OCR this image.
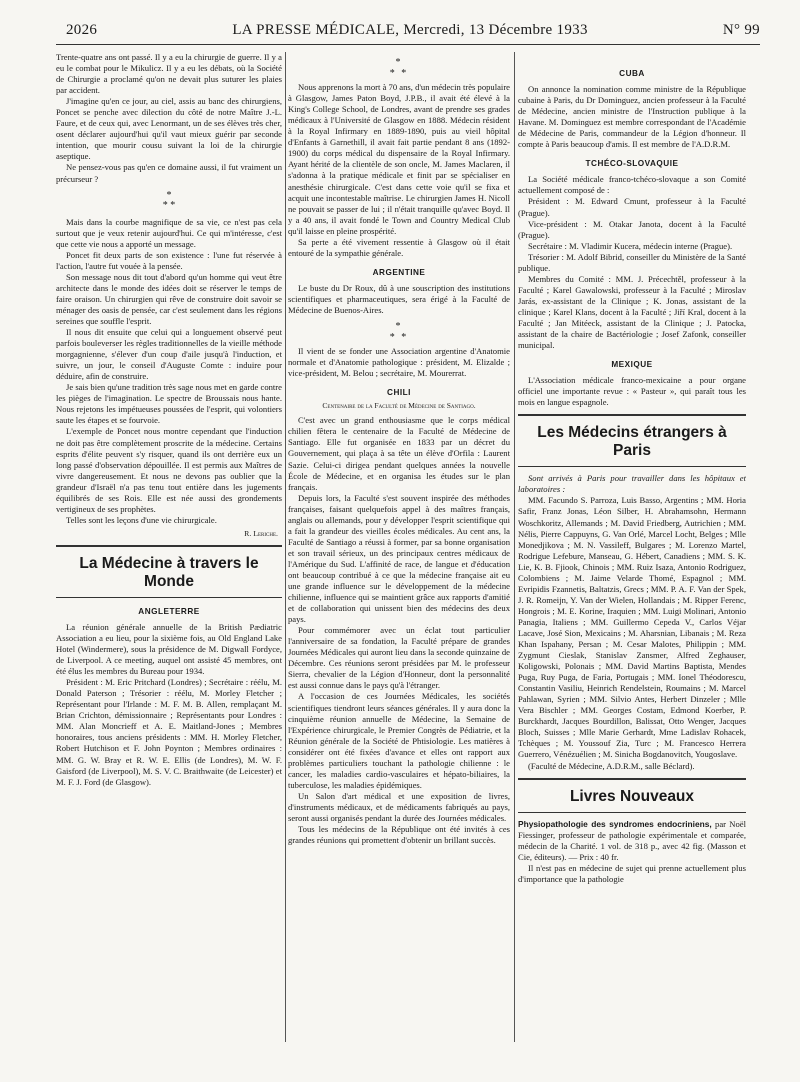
2026	LA PRESSE MÉDICALE, Mercredi, 13 Décembre 1933	N° 99

Trente-quatre ans ont passé. Il y a eu la chirurgie de guerre. Il y a eu le combat pour le Mikulicz. Il y a eu les débats, où la Société de Chirurgie a proclamé qu'on ne devait plus suturer les plaies par accident.

J'imagine qu'en ce jour, au ciel, assis au banc des chirurgiens, Poncet se penche avec dilection du côté de notre Maître J.-L. Faure, et de ceux qui, avec Lenormant, un de ses élèves très cher, osent déclarer aujourd'hui qu'il vaut mieux guérir par seconde intention, que mourir cousu suivant la loi de la chirurgie aseptique.

Ne pensez-vous pas qu'en ce domaine aussi, il fut vraiment un précurseur ?

*
* *

Mais dans la courbe magnifique de sa vie, ce n'est pas cela surtout que je veux retenir aujourd'hui. Ce qui m'intéresse, c'est que cette vie nous a apporté un message.

Poncet fit deux parts de son existence : l'une fut réservée à l'action, l'autre fut vouée à la pensée.

Son message nous dit tout d'abord qu'un homme qui veut être architecte dans le monde des idées doit se réserver le temps de faire oraison. Un chirurgien qui rêve de construire doit savoir se ménager des oasis de pensée, car c'est seulement dans les régions sereines que souffle l'esprit.

Il nous dit ensuite que celui qui a longuement observé peut parfois bouleverser les règles traditionnelles de la vieille méthode morgagnienne, s'élever d'un coup d'aile jusqu'à l'induction, et suivre, un jour, le conseil d'Auguste Comte : induire pour déduire, afin de construire.

Je sais bien qu'une tradition très sage nous met en garde contre les pièges de l'imagination. Le spectre de Broussais nous hante. Nous rejetons les impétueuses poussées de l'esprit, qui volontiers saute les étapes et se fourvoie.

L'exemple de Poncet nous montre cependant que l'induction ne doit pas être complètement proscrite de la médecine. Certains esprits d'élite peuvent s'y risquer, quand ils ont derrière eux un long passé d'observation dépouillée. Il est permis aux Maîtres de vivre dangereusement. Et nous ne devons pas oublier que la grandeur d'Israël n'a pas tenu tout entière dans les jugements équilibrés de ses Rois. Elle est née aussi des grondements vertigineux de ses prophètes.

Telles sont les leçons d'une vie chirurgicale.

R. Leriche.
La Médecine à travers le Monde
ANGLETERRE

La réunion générale annuelle de la British Pædiatric Association a eu lieu, pour la sixième fois, au Old England Lake Hotel (Windermere), sous la présidence de M. Digwall Fordyce, de Liverpool. A ce meeting, auquel ont assisté 45 membres, ont été élus les membres du Bureau pour 1934.

Président : M. Eric Pritchard (Londres) ; Secrétaire : réélu, M. Donald Paterson ; Trésorier : réélu, M. Morley Fletcher ; Représentant pour l'Irlande : M. F. M. B. Allen, remplaçant M. Brian Crichton, démissionnaire ; Représentants pour Londres : MM. Alan Moncrieff et A. E. Maitland-Jones ; Membres honoraires, tous anciens présidents : MM. H. Morley Fletcher, Robert Hutchison et F. John Poynton ; Membres ordinaires : MM. G. W. Bray et R. W. E. Ellis (de Londres), M. W. F. Gaisford (de Liverpool), M. S. V. C. Braithwaite (de Leicester) et M. F. J. Ford (de Glasgow).

*
* *

Nous apprenons la mort à 70 ans, d'un médecin très populaire à Glasgow, James Paton Boyd, J.P.B., il avait été élevé à la King's College School, de Londres, avant de prendre ses grades médicaux à l'Université de Glasgow en 1888. Médecin résident à la Royal Infirmary en 1889-1890, puis au vieil hôpital d'Enfants à Garnethill, il avait fait partie pendant 8 ans (1892-1900) du corps médical du dispensaire de la Royal Infirmary. Ayant hérité de la clientèle de son oncle, M. James Maclaren, il s'adonna à la pratique médicale et finit par se spécialiser en anesthésie chirurgicale. C'est dans cette voie qu'il se fixa et acquit une incontestable maîtrise. Le chirurgien James H. Nicoll ne pouvait se passer de lui ; il n'était tranquille qu'avec Boyd. Il y a 40 ans, il avait fondé le Town and Country Medical Club qu'il laisse en pleine prospérité.

Sa perte a été vivement ressentie à Glasgow où il était entouré de la sympathie générale.

ARGENTINE

Le buste du Dr Roux, dû à une souscription des institutions scientifiques et pharmaceutiques, sera érigé à la Faculté de Médecine de Buenos-Aires.

*
* *

Il vient de se fonder une Association argentine d'Anatomie normale et d'Anatomie pathologique : président, M. Elizalde ; vice-président, M. Belou ; secrétaire, M. Mourerrat.

CHILI
Centenaire de la Faculté de Médecine de Santiago.

C'est avec un grand enthousiasme que le corps médical chilien fêtera le centenaire de la Faculté de Médecine de Santiago. Elle fut organisée en 1833 par un décret du Gouvernement, qui plaça à sa tête un élève d'Orfila : Laurent Sazie. Celui-ci dirigea pendant quelques années la nouvelle École de Médecine, et en organisa les études sur le plan français.

Depuis lors, la Faculté s'est souvent inspirée des méthodes françaises, faisant quelquefois appel à des maîtres français, anglais ou allemands, pour y développer l'esprit scientifique qui a fait la grandeur des vieilles écoles médicales. Au cent ans, la Faculté de Santiago a réussi à former, par sa bonne organisation et son travail sérieux, un des principaux centres médicaux de l'Amérique du Sud. L'affinité de race, de langue et d'éducation ont beaucoup contribué à ce que la médecine française ait eu une grande influence sur le développement de la médecine chilienne, influence qui se maintient grâce aux rapports d'amitié et de collaboration qui unissent bien des médecins des deux pays.

Pour commémorer avec un éclat tout particulier l'anniversaire de sa fondation, la Faculté prépare de grandes Journées Médicales qui auront lieu dans la seconde quinzaine de Décembre. Ces réunions seront présidées par M. le professeur Sierra, chevalier de la Légion d'Honneur, dont la personnalité est aussi connue dans le pays qu'à l'étranger.

A l'occasion de ces Journées Médicales, les sociétés scientifiques tiendront leurs séances générales. Il y aura donc la cinquième réunion annuelle de Médecine, la Semaine de l'Expérience chirurgicale, le Premier Congrès de Pédiatrie, et la Réunion générale de la Société de Phtisiologie. Les matières à considérer ont été fixées d'avance et elles ont rapport aux problèmes particuliers touchant la pathologie chilienne : le cancer, les maladies cardio-vasculaires et hépato-biliaires, la tuberculose, les maladies épidémiques.

Un Salon d'art médical et une exposition de livres, d'instruments médicaux, et de médicaments fabriqués au pays, seront aussi organisés pendant la durée des Journées médicales.

Tous les médecins de la République ont été invités à ces grandes réunions qui promettent d'obtenir un brillant succès.

CUBA

On annonce la nomination comme ministre de la République cubaine à Paris, du Dr Dominguez, ancien professeur à la Faculté de Médecine, ancien ministre de l'Instruction publique à la Havane. M. Dominguez est membre correspondant de l'Académie de Médecine de Paris, commandeur de la Légion d'honneur. Il compte à Paris beaucoup d'amis. Il est membre de l'A.D.R.M.

TCHÉCO-SLOVAQUIE

La Société médicale franco-tchéco-slovaque a son Comité actuellement composé de :

Président : M. Edward Cmunt, professeur à la Faculté (Prague).

Vice-président : M. Otakar Janota, docent à la Faculté (Prague).

Secrétaire : M. Vladimir Kucera, médecin interne (Prague).

Trésorier : M. Adolf Bibrid, conseiller du Ministère de la Santé publique.

Membres du Comité : MM. J. Précechtěl, professeur à la Faculté ; Karel Gawalowski, professeur à la Faculté ; Miroslav Jarás, ex-assistant de la Clinique ; K. Jonas, assistant de la clinique ; Karel Klans, docent à la Faculté ; Jiří Kral, docent à la Faculté ; Jan Mitéeck, assistant de la Clinique ; J. Patocka, assistant de la chaire de Bactériologie ; Josef Zafonk, conseiller municipal.

MEXIQUE

L'Association médicale franco-mexicaine a pour organe officiel une importante revue : « Pasteur », qui paraît tous les mois en langue espagnole.

Les Médecins étrangers à Paris

Sont arrivés à Paris pour travailler dans les hôpitaux et laboratoires :

MM. Facundo S. Parroza, Luis Basso, Argentins ; MM. Horia Safir, Franz Jonas, Léon Silber, H. Abrahamsohn, Hermann Woschkoritz, Allemands ; M. David Friedberg, Autrichien ; MM. Nélis, Pierre Cappuyns, G. Van Orlé, Marcel Locht, Belges ; Mlle Monedjikova ; M. N. Vassileff, Bulgares ; M. Lorenzo Martel, Rodrigue Lefebure, Manseau, G. Hébert, Canadiens ; MM. S. K. Lie, K. B. Fjiook, Chinois ; MM. Ruiz Isaza, Antonio Rodriguez, Colombiens ; M. Jaime Velarde Thomé, Espagnol ; MM. Evripidis Fzannetis, Baltatzis, Grecs ; MM. P. A. F. Van der Spek, J. R. Romeijn, Y. Van der Wielen, Hollandais ; M. Ripper Ferenc, Hongrois ; M. E. Korine, Iraquien ; MM. Luigi Molinari, Antonio Panagia, Italiens ; MM. Guillermo Cepeda V., Carlos Véjar Lacave, José Sion, Mexicains ; M. Aharsnian, Libanais ; M. Reza Khan Ispahany, Persan ; M. Cesar Malotes, Philippin ; MM. Zygmunt Cieslak, Stanislav Zansmer, Alfred Zeghauser, Koligowski, Polonais ; MM. David Martins Baptista, Mendes Puga, Ruy Puga, de Faria, Portugais ; MM. Ionel Théodorescu, Constantin Vasiliu, Heinrich Rendelstein, Roumains ; M. Marcel Pahlawan, Syrien ; MM. Silvio Antes, Herbert Dinzeler ; Mlle Vera Bischler ; MM. Georges Costam, Edmond Koerber, P. Burckhardt, Jacques Bourdillon, Balissat, Otto Wenger, Jacques Bloch, Suisses ; Mlle Marie Gerhardt, Mme Ladislav Rohacek, Tchèques ; M. Youssouf Zia, Turc ; M. Francesco Herrera Guerrero, Vénézuélien ; M. Sinicha Bogdanovitch, Yougoslave.

(Faculté de Médecine, A.D.R.M., salle Béclard).

Livres Nouveaux

Physiopathologie des syndromes endocriniens, par Noël Fiessinger, professeur de pathologie expérimentale et comparée, médecin de la Charité. 1 vol. de 318 p., avec 42 fig. (Masson et Cie, éditeurs). — Prix : 40 fr.

Il n'est pas en médecine de sujet qui prenne actuellement plus d'importance que la pathologie
